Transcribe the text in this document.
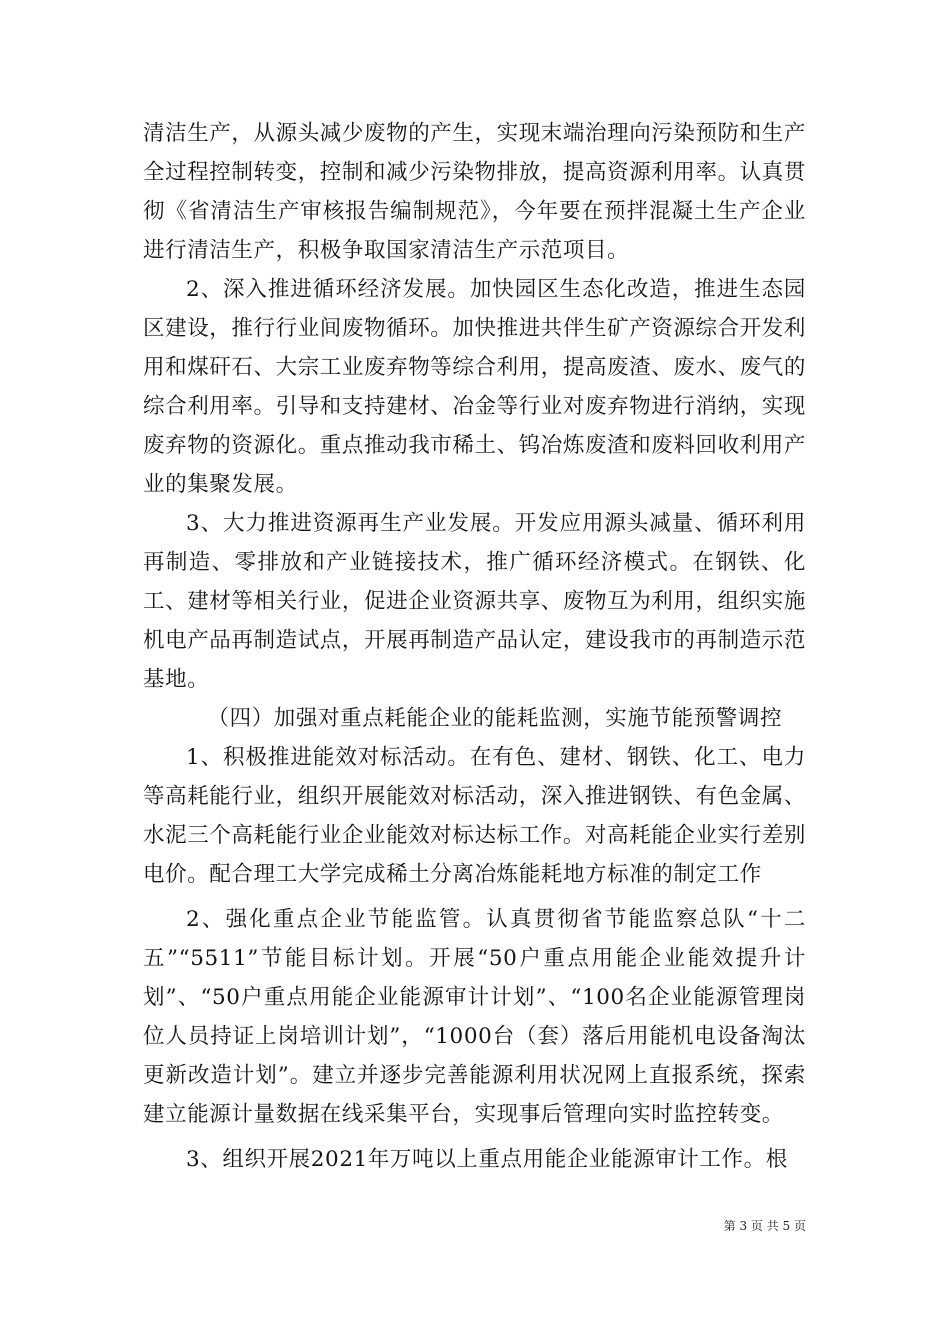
清洁生产，从源头减少废物的产生，实现末端治理向污染预防和生产全过程控制转变，控制和减少污染物排放，提高资源利用率。认真贯彻《省清洁生产审核报告编制规范》，今年要在预拌混凝土生产企业进行清洁生产，积极争取国家清洁生产示范项目。

2、深入推进循环经济发展。加快园区生态化改造，推进生态园区建设，推行行业间废物循环。加快推进共伴生矿产资源综合开发利用和煤矸石、大宗工业废弃物等综合利用，提高废渣、废水、废气的综合利用率。引导和支持建材、冶金等行业对废弃物进行消纳，实现废弃物的资源化。重点推动我市稀土、钨冶炼废渣和废料回收利用产业的集聚发展。

3、大力推进资源再生产业发展。开发应用源头减量、循环利用再制造、零排放和产业链接技术，推广循环经济模式。在钢铁、化工、建材等相关行业，促进企业资源共享、废物互为利用，组织实施机电产品再制造试点，开展再制造产品认定，建设我市的再制造示范基地。

（四）加强对重点耗能企业的能耗监测，实施节能预警调控

1、积极推进能效对标活动。在有色、建材、钢铁、化工、电力等高耗能行业，组织开展能效对标活动，深入推进钢铁、有色金属、水泥三个高耗能行业企业能效对标达标工作。对高耗能企业实行差别电价。配合理工大学完成稀土分离冶炼能耗地方标准的制定工作

2、强化重点企业节能监管。认真贯彻省节能监察总队“十二五”“5511”节能目标计划。开展“50户重点用能企业能效提升计划”、“50户重点用能企业能源审计计划”、“100名企业能源管理岗位人员持证上岗培训计划”，“1000台（套）落后用能机电设备淘汰更新改造计划”。建立并逐步完善能源利用状况网上直报系统，探索建立能源计量数据在线采集平台，实现事后管理向实时监控转变。

3、组织开展2021年万吨以上重点用能企业能源审计工作。根

第 3 页 共 5 页
